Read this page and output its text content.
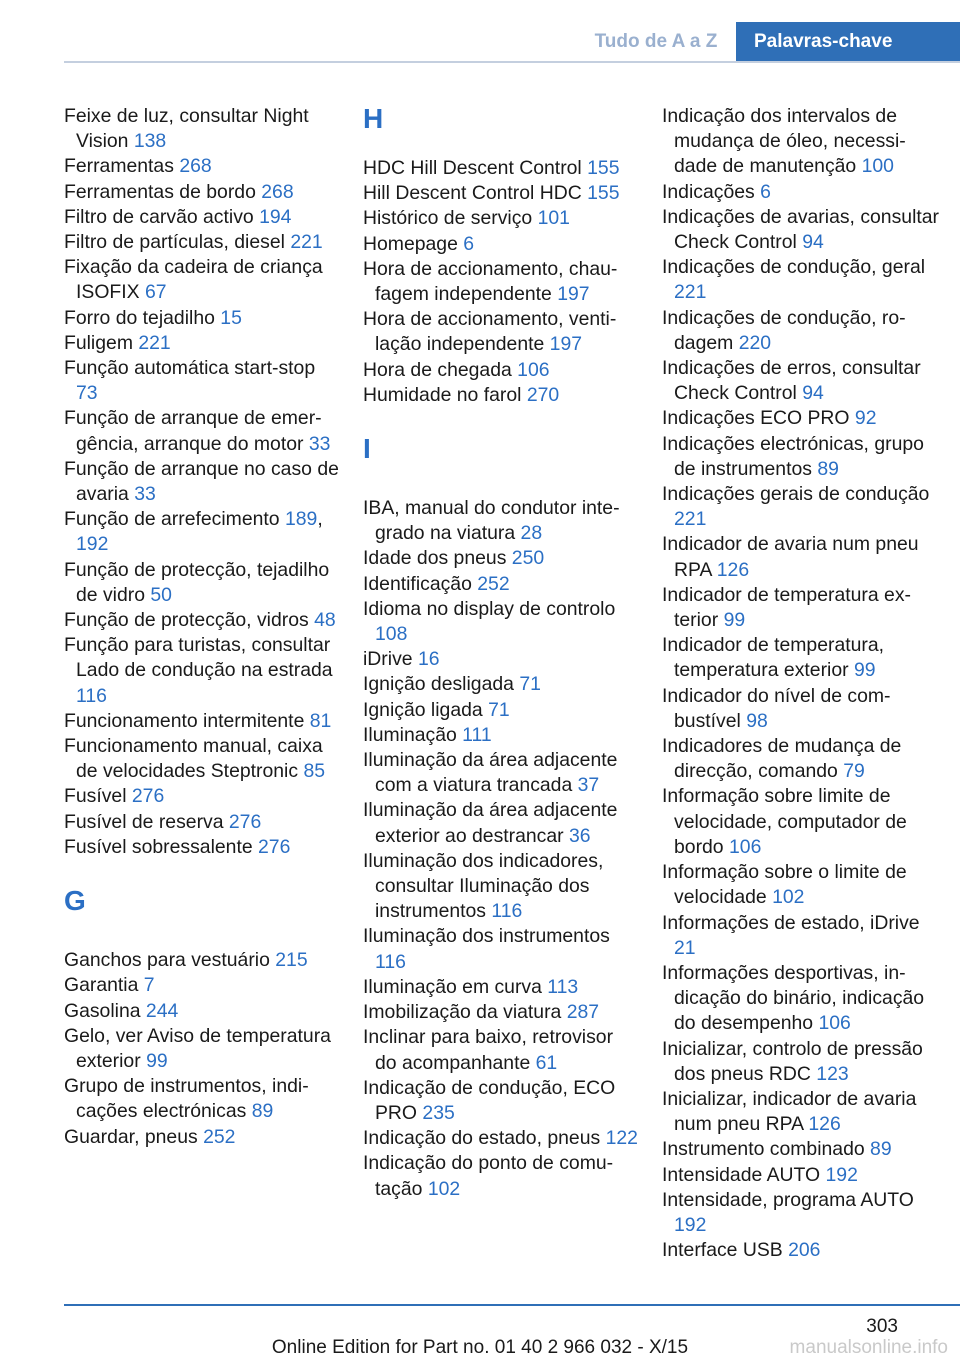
Tudo de A a Z	Palavras-chave
Feixe de luz, consultar Night Vision 138
Ferramentas 268
Ferramentas de bordo 268
Filtro de carvão activo 194
Filtro de partículas, diesel 221
Fixação da cadeira de criança ISOFIX 67
Forro do tejadilho 15
Fuligem 221
Função automática start-stop 73
Função de arranque de emergência, arranque do motor 33
Função de arranque no caso de avaria 33
Função de arrefecimento 189, 192
Função de protecção, tejadilho de vidro 50
Função de protecção, vidros 48
Função para turistas, consultar Lado de condução na estrada 116
Funcionamento intermitente 81
Funcionamento manual, caixa de velocidades Steptronic 85
Fusível 276
Fusível de reserva 276
Fusível sobressalente 276
G
Ganchos para vestuário 215
Garantia 7
Gasolina 244
Gelo, ver Aviso de temperatura exterior 99
Grupo de instrumentos, indicações electrónicas 89
Guardar, pneus 252
H
HDC Hill Descent Control 155
Hill Descent Control HDC 155
Histórico de serviço 101
Homepage 6
Hora de accionamento, chaufagem independente 197
Hora de accionamento, ventilação independente 197
Hora de chegada 106
Humidade no farol 270
I
IBA, manual do condutor integrado na viatura 28
Idade dos pneus 250
Identificação 252
Idioma no display de controlo 108
iDrive 16
Ignição desligada 71
Ignição ligada 71
Iluminação 111
Iluminação da área adjacente com a viatura trancada 37
Iluminação da área adjacente exterior ao destrancar 36
Iluminação dos indicadores, consultar Iluminação dos instrumentos 116
Iluminação dos instrumentos 116
Iluminação em curva 113
Imobilização da viatura 287
Inclinar para baixo, retrovisor do acompanhante 61
Indicação de condução, ECO PRO 235
Indicação do estado, pneus 122
Indicação do ponto de comutação 102
Indicação dos intervalos de mudança de óleo, necessidade de manutenção 100
Indicações 6
Indicações de avarias, consultar Check Control 94
Indicações de condução, geral 221
Indicações de condução, rodagem 220
Indicações de erros, consultar Check Control 94
Indicações ECO PRO 92
Indicações electrónicas, grupo de instrumentos 89
Indicações gerais de condução 221
Indicador de avaria num pneu RPA 126
Indicador de temperatura exterior 99
Indicador de temperatura, temperatura exterior 99
Indicador do nível de combustível 98
Indicadores de mudança de direcção, comando 79
Informação sobre limite de velocidade, computador de bordo 106
Informação sobre o limite de velocidade 102
Informações de estado, iDrive 21
Informações desportivas, indicação do binário, indicação do desempenho 106
Inicializar, controlo de pressão dos pneus RDC 123
Inicializar, indicador de avaria num pneu RPA 126
Instrumento combinado 89
Intensidade AUTO 192
Intensidade, programa AUTO 192
Interface USB 206
303
Online Edition for Part no. 01 40 2 966 032 - X/15	manualsonline.info
